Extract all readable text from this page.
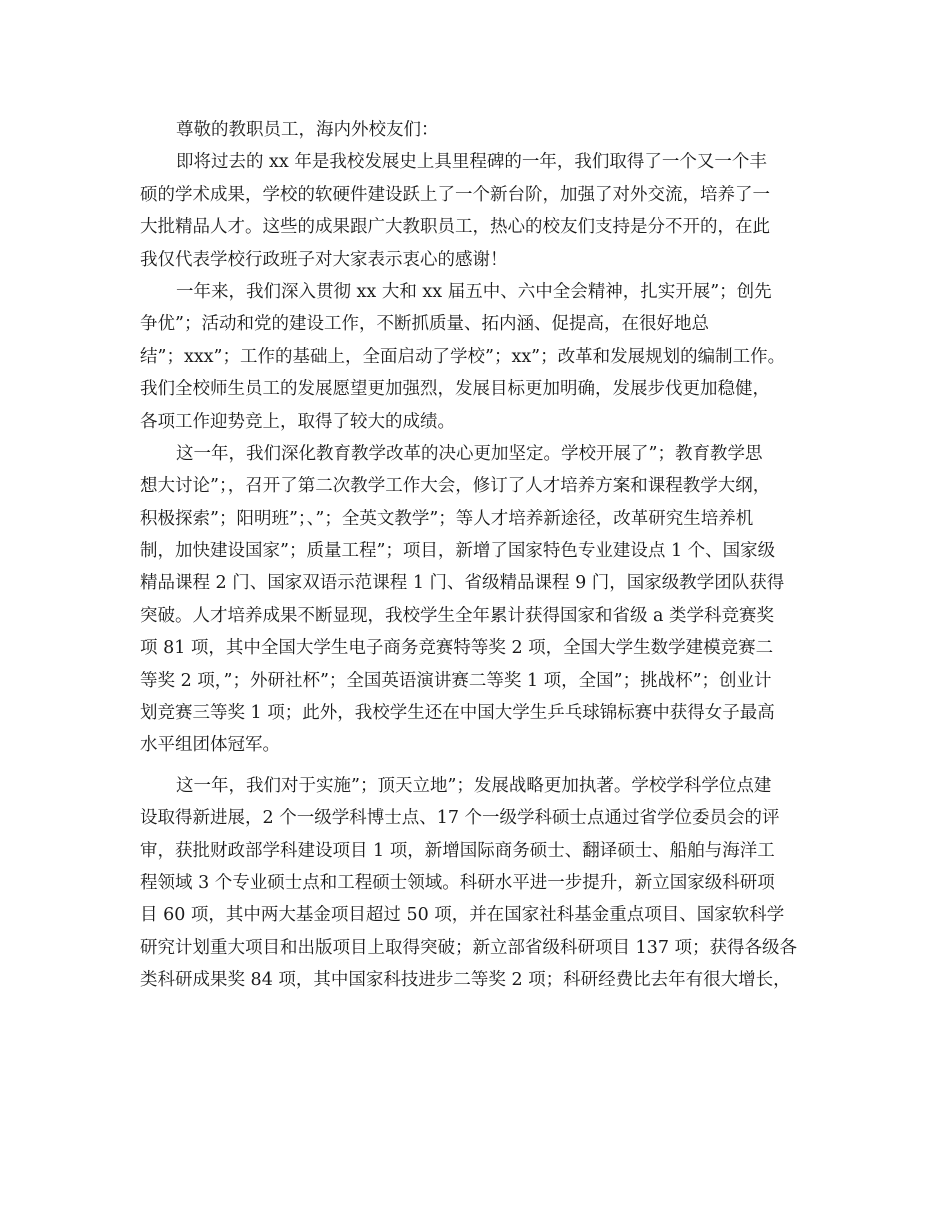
尊敬的教职员工，海内外校友们：
即将过去的 xx 年是我校发展史上具里程碑的一年，我们取得了一个又一个丰
硕的学术成果，学校的软硬件建设跃上了一个新台阶，加强了对外交流，培养了一
大批精品人才。这些的成果跟广大教职员工，热心的校友们支持是分不开的，在此
我仅代表学校行政班子对大家表示衷心的感谢！
一年来，我们深入贯彻 xx 大和 xx 届五中、六中全会精神，扎实开展”；创先
争优”；活动和党的建设工作，不断抓质量、拓内涵、促提高，在很好地总
结”；xxx”；工作的基础上，全面启动了学校”；xx”；改革和发展规划的编制工作。
我们全校师生员工的发展愿望更加强烈，发展目标更加明确，发展步伐更加稳健，
各项工作迎势竞上，取得了较大的成绩。
这一年，我们深化教育教学改革的决心更加坚定。学校开展了”；教育教学思
想大讨论”；，召开了第二次教学工作大会，修订了人才培养方案和课程教学大纲，
积极探索”；阳明班”；、”；全英文教学”；等人才培养新途径，改革研究生培养机
制，加快建设国家”；质量工程”；项目，新增了国家特色专业建设点 1 个、国家级
精品课程 2 门、国家双语示范课程 1 门、省级精品课程 9 门，国家级教学团队获得
突破。人才培养成果不断显现，我校学生全年累计获得国家和省级 a 类学科竞赛奖
项 81 项，其中全国大学生电子商务竞赛特等奖 2 项，全国大学生数学建模竞赛二
等奖 2 项，”；外研社杯”；全国英语演讲赛二等奖 1 项，全国”；挑战杯”；创业计
划竞赛三等奖 1 项；此外，我校学生还在中国大学生乒乓球锦标赛中获得女子最高
水平组团体冠军。
这一年，我们对于实施”；顶天立地”；发展战略更加执著。学校学科学位点建
设取得新进展，2 个一级学科博士点、17 个一级学科硕士点通过省学位委员会的评
审，获批财政部学科建设项目 1 项，新增国际商务硕士、翻译硕士、船舶与海洋工
程领域 3 个专业硕士点和工程硕士领域。科研水平进一步提升，新立国家级科研项
目 60 项，其中两大基金项目超过 50 项，并在国家社科基金重点项目、国家软科学
研究计划重大项目和出版项目上取得突破；新立部省级科研项目 137 项；获得各级各
类科研成果奖 84 项，其中国家科技进步二等奖 2 项；科研经费比去年有很大增长，
